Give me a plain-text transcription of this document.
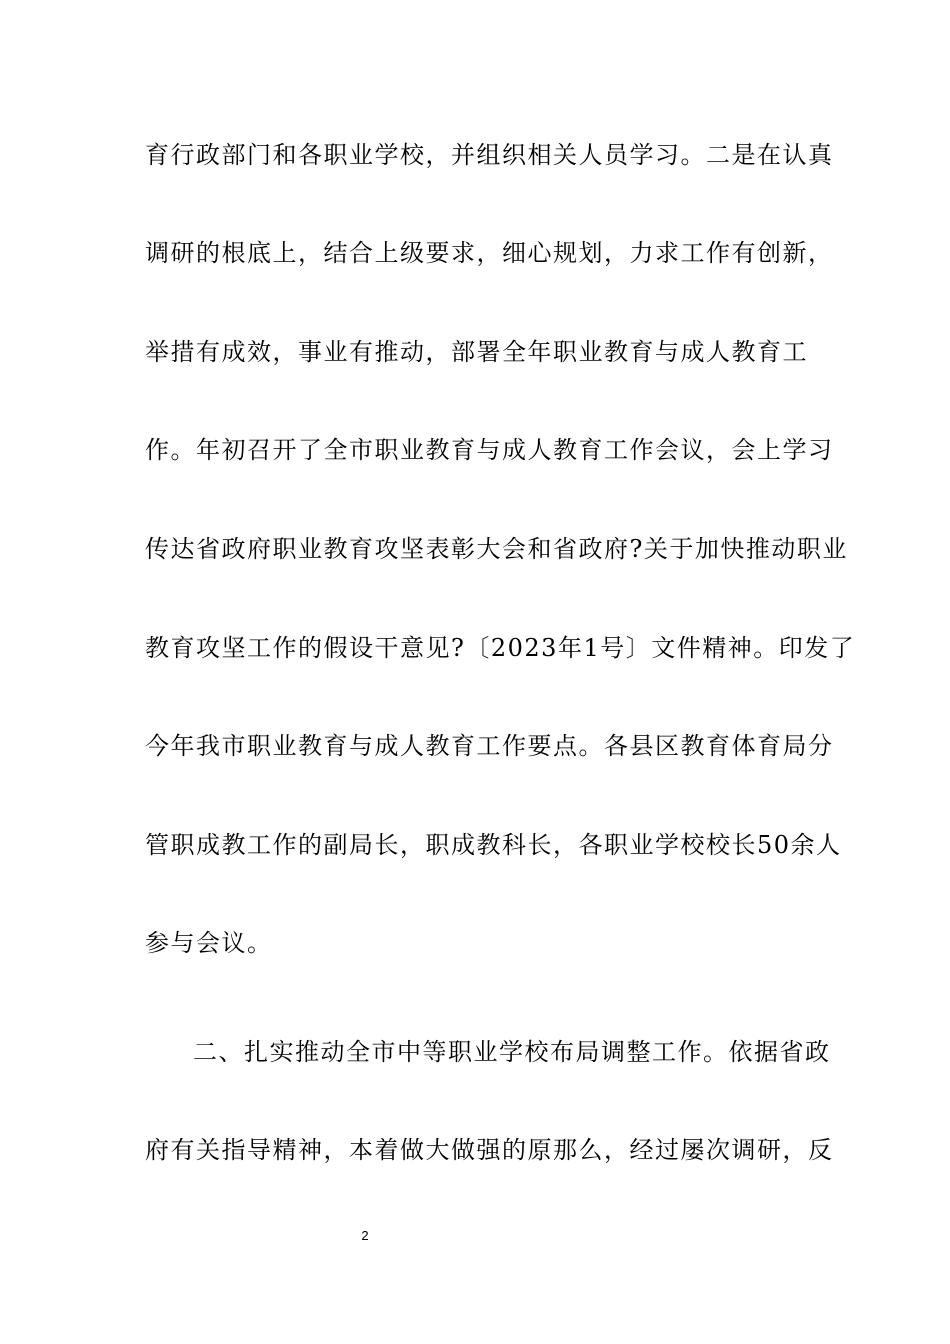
育行政部门和各职业学校，并组织相关人员学习。二是在认真
调研的根底上，结合上级要求，细心规划，力求工作有创新，
举措有成效，事业有推动，部署全年职业教育与成人教育工
作。年初召开了全市职业教育与成人教育工作会议，会上学习
传达省政府职业教育攻坚表彰大会和省政府?关于加快推动职业
教育攻坚工作的假设干意见?〔2023年1号〕文件精神。印发了
今年我市职业教育与成人教育工作要点。各县区教育体育局分
管职成教工作的副局长，职成教科长，各职业学校校长50余人
参与会议。
二、扎实推动全市中等职业学校布局调整工作。依据省政
府有关指导精神，本着做大做强的原那么，经过屡次调研，反
2
